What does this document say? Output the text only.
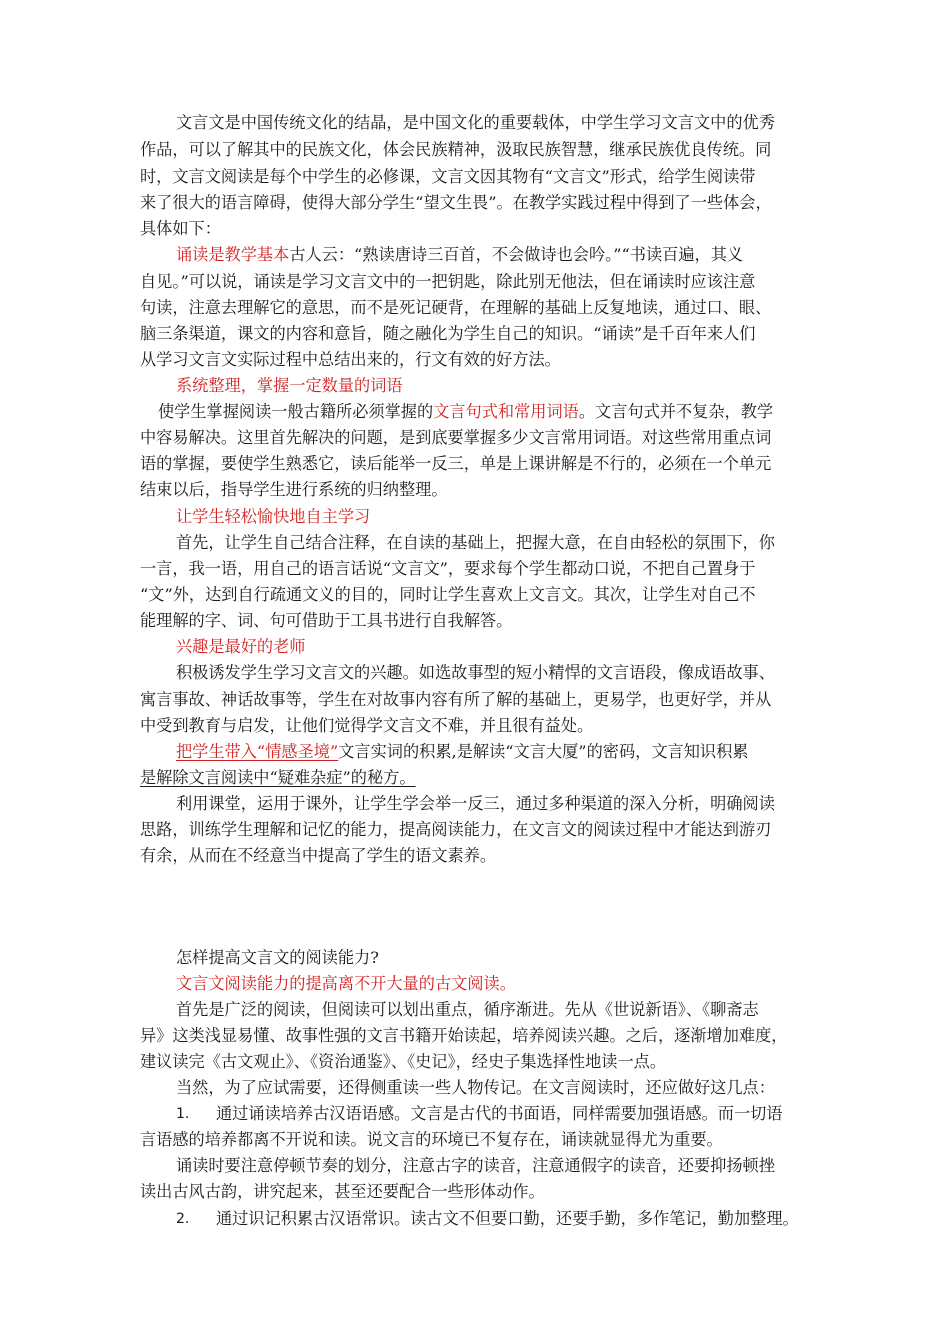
文言文是中国传统文化的结晶，是中国文化的重要载体，中学生学习文言文中的优秀
作品，可以了解其中的民族文化，体会民族精神，汲取民族智慧，继承民族优良传统。同
时，文言文阅读是每个中学生的必修课，文言文因其物有“文言文”形式，给学生阅读带
来了很大的语言障碍，使得大部分学生“望文生畏”。在教学实践过程中得到了一些体会，
具体如下：
诵读是教学基本古人云：“熟读唐诗三百首，不会做诗也会吟。”“书读百遍，其义
自见。”可以说，诵读是学习文言文中的一把钥匙，除此别无他法，但在诵读时应该注意
句读，注意去理解它的意思，而不是死记硬背，在理解的基础上反复地读，通过口、眼、
脑三条渠道，课文的内容和意旨，随之融化为学生自己的知识。“诵读”是千百年来人们
从学习文言文实际过程中总结出来的，行文有效的好方法。
系统整理，掌握一定数量的词语
使学生掌握阅读一般古籍所必须掌握的文言句式和常用词语。文言句式并不复杂，教学
中容易解决。这里首先解决的问题，是到底要掌握多少文言常用词语。对这些常用重点词
语的掌握，要使学生熟悉它，读后能举一反三，单是上课讲解是不行的，必须在一个单元
结束以后，指导学生进行系统的归纳整理。
让学生轻松愉快地自主学习
首先，让学生自己结合注释，在自读的基础上，把握大意，在自由轻松的氛围下，你
一言，我一语，用自己的语言话说“文言文”，要求每个学生都动口说，不把自己置身于
“文”外，达到自行疏通文义的目的，同时让学生喜欢上文言文。其次，让学生对自己不
能理解的字、词、句可借助于工具书进行自我解答。
兴趣是最好的老师
积极诱发学生学习文言文的兴趣。如选故事型的短小精悍的文言语段，像成语故事、
寓言事故、神话故事等，学生在对故事内容有所了解的基础上，更易学，也更好学，并从
中受到教育与启发，让他们觉得学文言文不难，并且很有益处。
把学生带入“情感圣境”文言实词的积累,是解读“文言大厦”的密码，文言知识积累
是解除文言阅读中“疑难杂症”的秘方。
利用课堂，运用于课外，让学生学会举一反三，通过多种渠道的深入分析，明确阅读
思路，训练学生理解和记忆的能力，提高阅读能力，在文言文的阅读过程中才能达到游刃
有余，从而在不经意当中提高了学生的语文素养。
怎样提高文言文的阅读能力?
文言文阅读能力的提高离不开大量的古文阅读。
首先是广泛的阅读，但阅读可以划出重点，循序渐进。先从《世说新语》、《聊斋志
异》这类浅显易懂、故事性强的文言书籍开始读起，培养阅读兴趣。之后，逐渐增加难度，
建议读完《古文观止》、《资治通鉴》、《史记》，经史子集选择性地读一点。
当然，为了应试需要，还得侧重读一些人物传记。在文言阅读时，还应做好这几点：
1. 通过诵读培养古汉语语感。文言是古代的书面语，同样需要加强语感。而一切语
言语感的培养都离不开说和读。说文言的环境已不复存在，诵读就显得尤为重要。
诵读时要注意停顿节奏的划分，注意古字的读音，注意通假字的读音，还要抑扬顿挫
读出古风古韵，讲究起来，甚至还要配合一些形体动作。
2. 通过识记积累古汉语常识。读古文不但要口勤，还要手勤，多作笔记，勤加整理。
